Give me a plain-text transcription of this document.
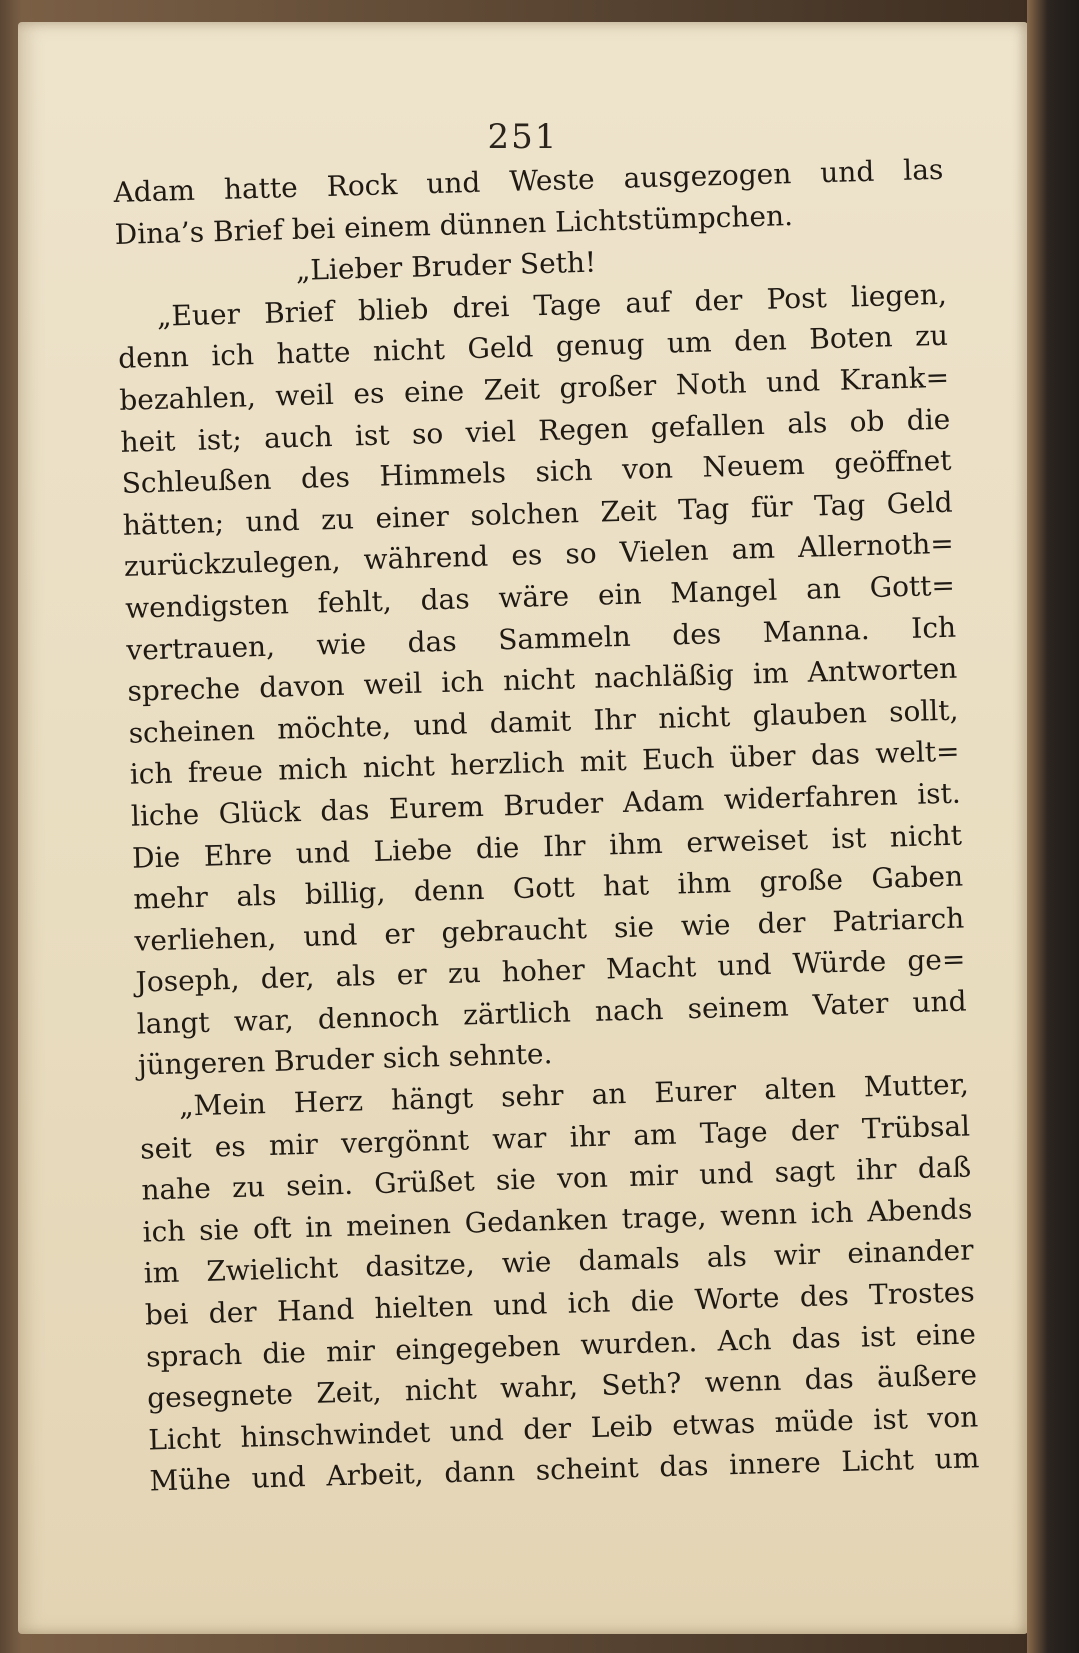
251
Adam hatte Rock und Weste ausgezogen und las
Dina’s Brief bei einem dünnen Lichtstümpchen.
„Lieber Bruder Seth!
„Euer Brief blieb drei Tage auf der Post liegen,
denn ich hatte nicht Geld genug um den Boten zu
bezahlen, weil es eine Zeit großer Noth und Krank=
heit ist; auch ist so viel Regen gefallen als ob die
Schleußen des Himmels sich von Neuem geöffnet
hätten; und zu einer solchen Zeit Tag für Tag Geld
zurückzulegen, während es so Vielen am Allernoth=
wendigsten fehlt, das wäre ein Mangel an Gott=
vertrauen, wie das Sammeln des Manna. Ich
spreche davon weil ich nicht nachläßig im Antworten
scheinen möchte, und damit Ihr nicht glauben sollt,
ich freue mich nicht herzlich mit Euch über das welt=
liche Glück das Eurem Bruder Adam widerfahren ist.
Die Ehre und Liebe die Ihr ihm erweiset ist nicht
mehr als billig, denn Gott hat ihm große Gaben
verliehen, und er gebraucht sie wie der Patriarch
Joseph, der, als er zu hoher Macht und Würde ge=
langt war, dennoch zärtlich nach seinem Vater und
jüngeren Bruder sich sehnte.
„Mein Herz hängt sehr an Eurer alten Mutter,
seit es mir vergönnt war ihr am Tage der Trübsal
nahe zu sein. Grüßet sie von mir und sagt ihr daß
ich sie oft in meinen Gedanken trage, wenn ich Abends
im Zwielicht dasitze, wie damals als wir einander
bei der Hand hielten und ich die Worte des Trostes
sprach die mir eingegeben wurden. Ach das ist eine
gesegnete Zeit, nicht wahr, Seth? wenn das äußere
Licht hinschwindet und der Leib etwas müde ist von
Mühe und Arbeit, dann scheint das innere Licht um
